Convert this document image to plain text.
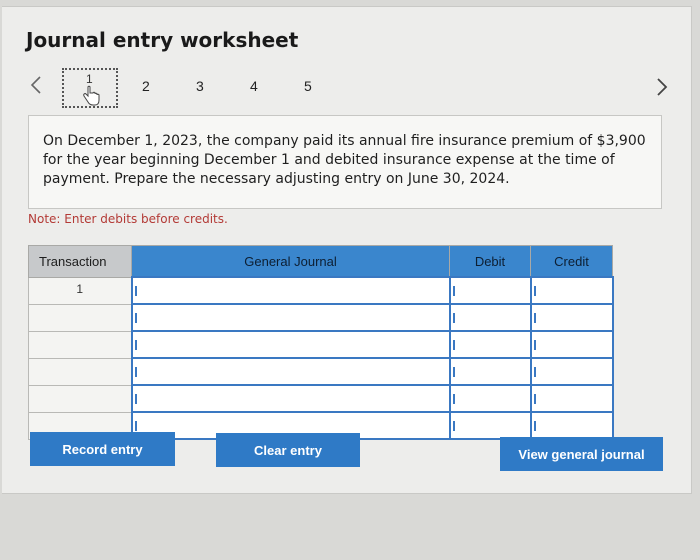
Journal entry worksheet
1	2	3	4	5
On December 1, 2023, the company paid its annual fire insurance premium of $3,900 for the year beginning December 1 and debited insurance expense at the time of payment. Prepare the necessary adjusting entry on June 30, 2024.
Note: Enter debits before credits.
Transaction	General Journal	Debit	Credit
1			

Record entry	Clear entry	View general journal
